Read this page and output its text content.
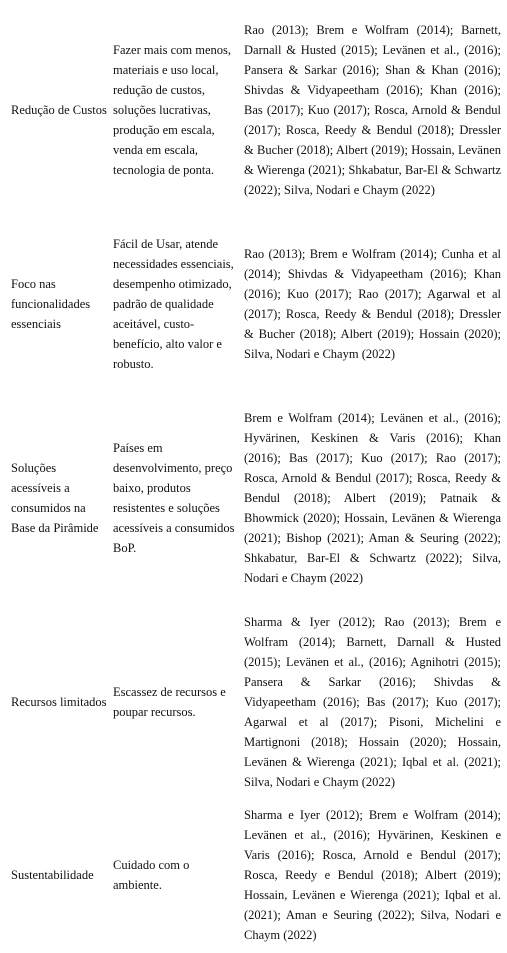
Redução de Custos	Fazer mais com menos, materiais e uso local, redução de custos, soluções lucrativas, produção em escala, venda em escala, tecnologia de ponta.	Rao (2013); Brem e Wolfram (2014); Barnett, Darnall & Husted (2015); Levänen et al., (2016); Pansera & Sarkar (2016); Shan & Khan (2016); Shivdas & Vidyapeetham (2016); Khan (2016); Bas (2017); Kuo (2017); Rosca, Arnold & Bendul (2017); Rosca, Reedy & Bendul (2018); Dressler & Bucher (2018); Albert (2019); Hossain, Levänen & Wierenga (2021); Shkabatur, Bar-El & Schwartz (2022); Silva, Nodari e Chaym (2022)

Foco nas funcionalidades
essenciais	Fácil de Usar, atende necessidades essenciais, desempenho otimizado, padrão de qualidade aceitável, custo-benefício, alto valor e robusto.	Rao (2013); Brem e Wolfram (2014); Cunha et al (2014); Shivdas & Vidyapeetham (2016); Khan (2016); Kuo (2017); Rao (2017); Agarwal et al (2017); Rosca, Reedy & Bendul (2018); Dressler & Bucher (2018); Albert (2019); Hossain (2020); Silva, Nodari e Chaym (2022)

Soluções acessíveis a consumidos na Base da Pirâmide	Países em desenvolvimento, preço baixo, produtos resistentes e soluções acessíveis a consumidos BoP.	Brem e Wolfram (2014); Levänen et al., (2016); Hyvärinen, Keskinen & Varis (2016); Khan (2016); Bas (2017); Kuo (2017); Rao (2017); Rosca, Arnold & Bendul (2017); Rosca, Reedy & Bendul (2018); Albert (2019); Patnaik & Bhowmick (2020); Hossain, Levänen & Wierenga (2021); Bishop (2021); Aman & Seuring (2022); Shkabatur, Bar-El & Schwartz (2022); Silva, Nodari e Chaym (2022)

Recursos limitados	Escassez de recursos e poupar recursos.	Sharma & Iyer (2012); Rao (2013); Brem e Wolfram (2014); Barnett, Darnall & Husted (2015); Levänen et al., (2016); Agnihotri (2015); Pansera & Sarkar (2016); Shivdas & Vidyapeetham (2016); Bas (2017); Kuo (2017); Agarwal et al (2017); Pisoni, Michelini e Martignoni (2018); Hossain (2020); Hossain, Levänen & Wierenga (2021); Iqbal et al. (2021); Silva, Nodari e Chaym (2022)

Sustentabilidade	Cuidado com o ambiente.	Sharma e Iyer (2012); Brem e Wolfram (2014); Levänen et al., (2016); Hyvärinen, Keskinen e Varis (2016); Rosca, Arnold e Bendul (2017); Rosca, Reedy e Bendul (2018); Albert (2019); Hossain, Levänen e Wierenga (2021); Iqbal et al. (2021); Aman e Seuring (2022); Silva, Nodari e Chaym (2022)
